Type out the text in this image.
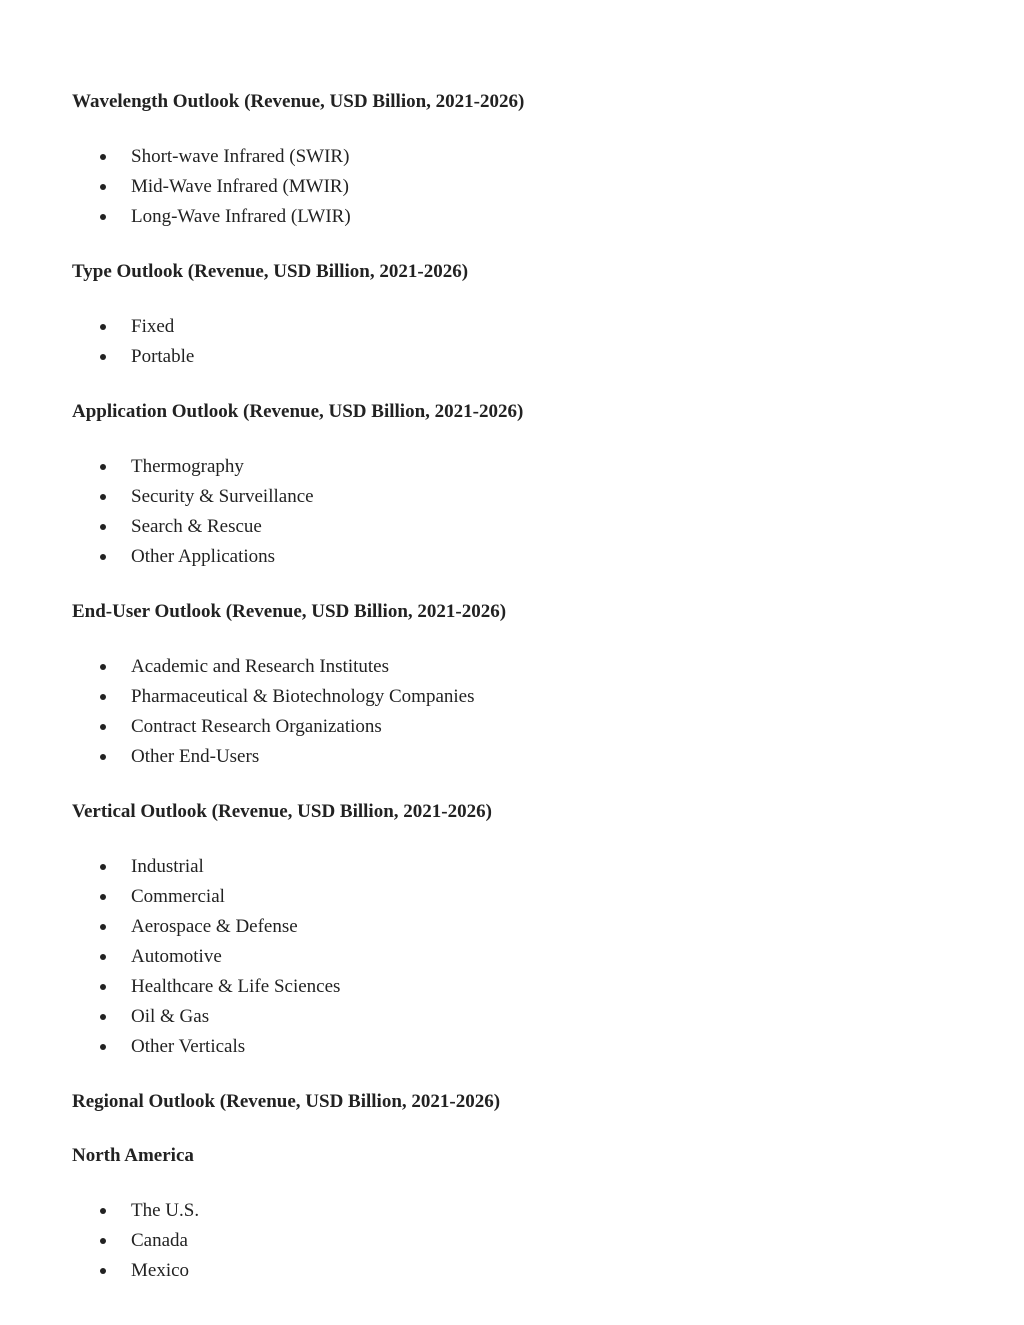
Wavelength Outlook (Revenue, USD Billion, 2021-2026)
Short-wave Infrared (SWIR)
Mid-Wave Infrared (MWIR)
Long-Wave Infrared (LWIR)
Type Outlook (Revenue, USD Billion, 2021-2026)
Fixed
Portable
Application Outlook (Revenue, USD Billion, 2021-2026)
Thermography
Security & Surveillance
Search & Rescue
Other Applications
End-User Outlook (Revenue, USD Billion, 2021-2026)
Academic and Research Institutes
Pharmaceutical & Biotechnology Companies
Contract Research Organizations
Other End-Users
Vertical Outlook (Revenue, USD Billion, 2021-2026)
Industrial
Commercial
Aerospace & Defense
Automotive
Healthcare & Life Sciences
Oil & Gas
Other Verticals
Regional Outlook (Revenue, USD Billion, 2021-2026)
North America
The U.S.
Canada
Mexico
